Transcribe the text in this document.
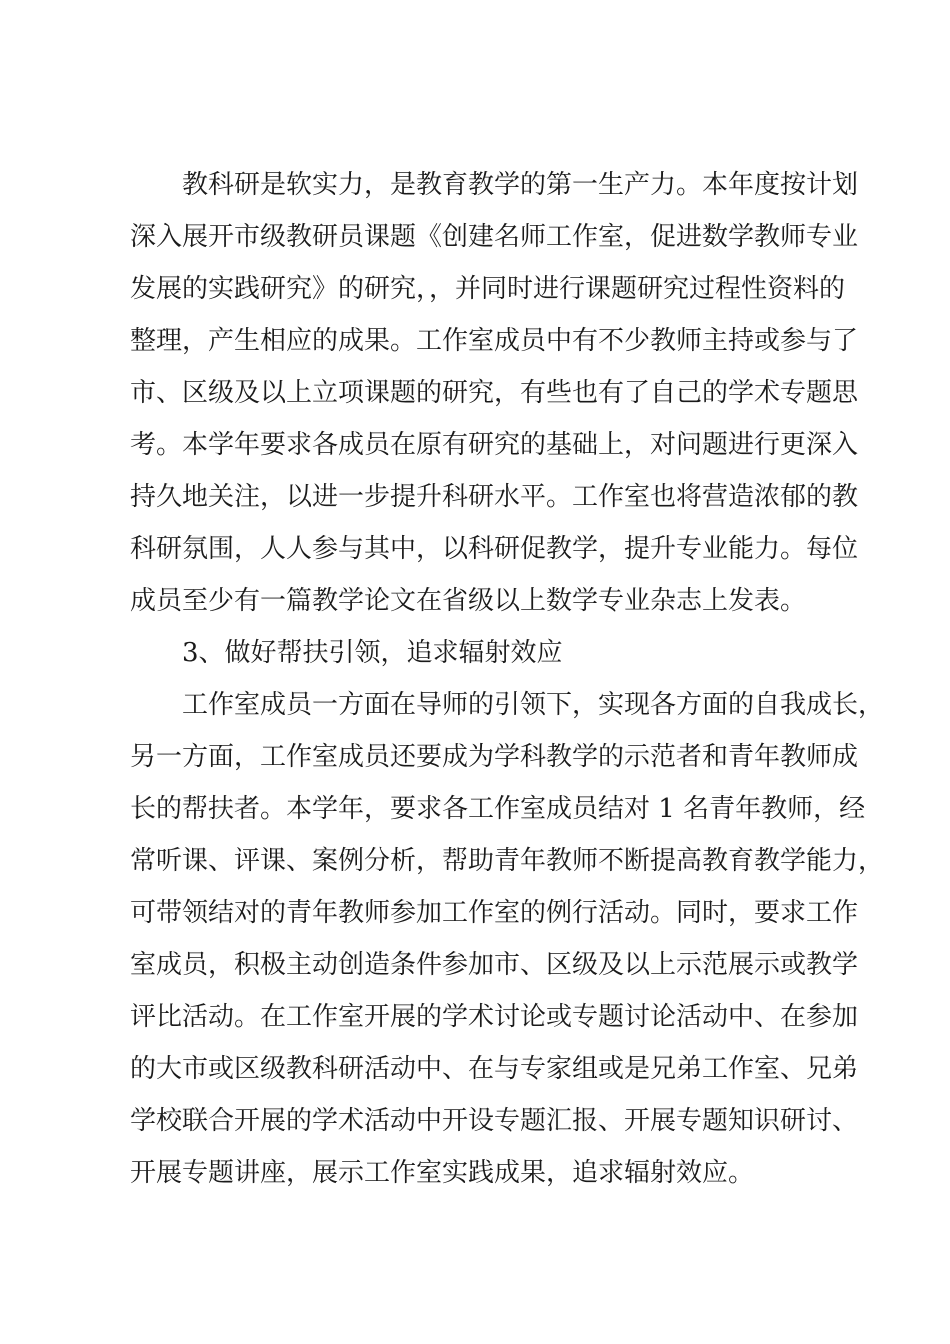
教科研是软实力，是教育教学的第一生产力。本年度按计划
深入展开市级教研员课题《创建名师工作室，促进数学教师专业
发展的实践研究》的研究，，并同时进行课题研究过程性资料的
整理，产生相应的成果。工作室成员中有不少教师主持或参与了
市、区级及以上立项课题的研究，有些也有了自己的学术专题思
考。本学年要求各成员在原有研究的基础上，对问题进行更深入
持久地关注，以进一步提升科研水平。工作室也将营造浓郁的教
科研氛围，人人参与其中，以科研促教学，提升专业能力。每位
成员至少有一篇教学论文在省级以上数学专业杂志上发表。
3、做好帮扶引领，追求辐射效应
工作室成员一方面在导师的引领下，实现各方面的自我成长，
另一方面，工作室成员还要成为学科教学的示范者和青年教师成
长的帮扶者。本学年，要求各工作室成员结对 1 名青年教师，经
常听课、评课、案例分析，帮助青年教师不断提高教育教学能力，
可带领结对的青年教师参加工作室的例行活动。同时，要求工作
室成员，积极主动创造条件参加市、区级及以上示范展示或教学
评比活动。在工作室开展的学术讨论或专题讨论活动中、在参加
的大市或区级教科研活动中、在与专家组或是兄弟工作室、兄弟
学校联合开展的学术活动中开设专题汇报、开展专题知识研讨、
开展专题讲座，展示工作室实践成果，追求辐射效应。
